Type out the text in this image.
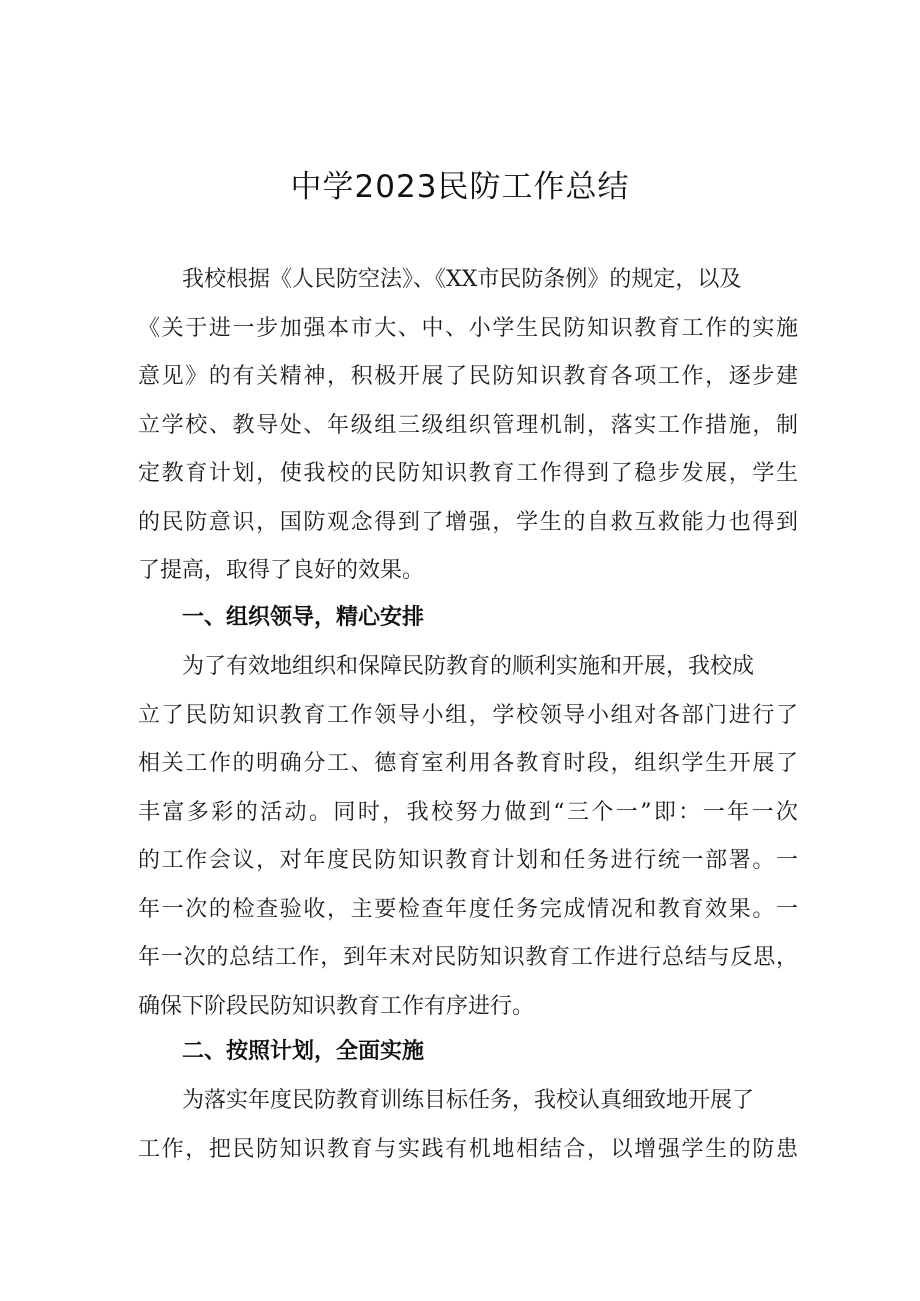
中学2023民防工作总结
我校根据《人民防空法》、《XX市民防条例》的规定，以及
《关于进一步加强本市大、中、小学生民防知识教育工作的实施
意见》的有关精神，积极开展了民防知识教育各项工作，逐步建
立学校、教导处、年级组三级组织管理机制，落实工作措施，制
定教育计划，使我校的民防知识教育工作得到了稳步发展，学生
的民防意识，国防观念得到了增强，学生的自救互救能力也得到
了提高，取得了良好的效果。
一、组织领导，精心安排
为了有效地组织和保障民防教育的顺利实施和开展，我校成
立了民防知识教育工作领导小组，学校领导小组对各部门进行了
相关工作的明确分工、德育室利用各教育时段，组织学生开展了
丰富多彩的活动。同时，我校努力做到“三个一”即：一年一次
的工作会议，对年度民防知识教育计划和任务进行统一部署。一
年一次的检查验收，主要检查年度任务完成情况和教育效果。一
年一次的总结工作，到年末对民防知识教育工作进行总结与反思，
确保下阶段民防知识教育工作有序进行。
二、按照计划，全面实施
为落实年度民防教育训练目标任务，我校认真细致地开展了
工作，把民防知识教育与实践有机地相结合，以增强学生的防患
